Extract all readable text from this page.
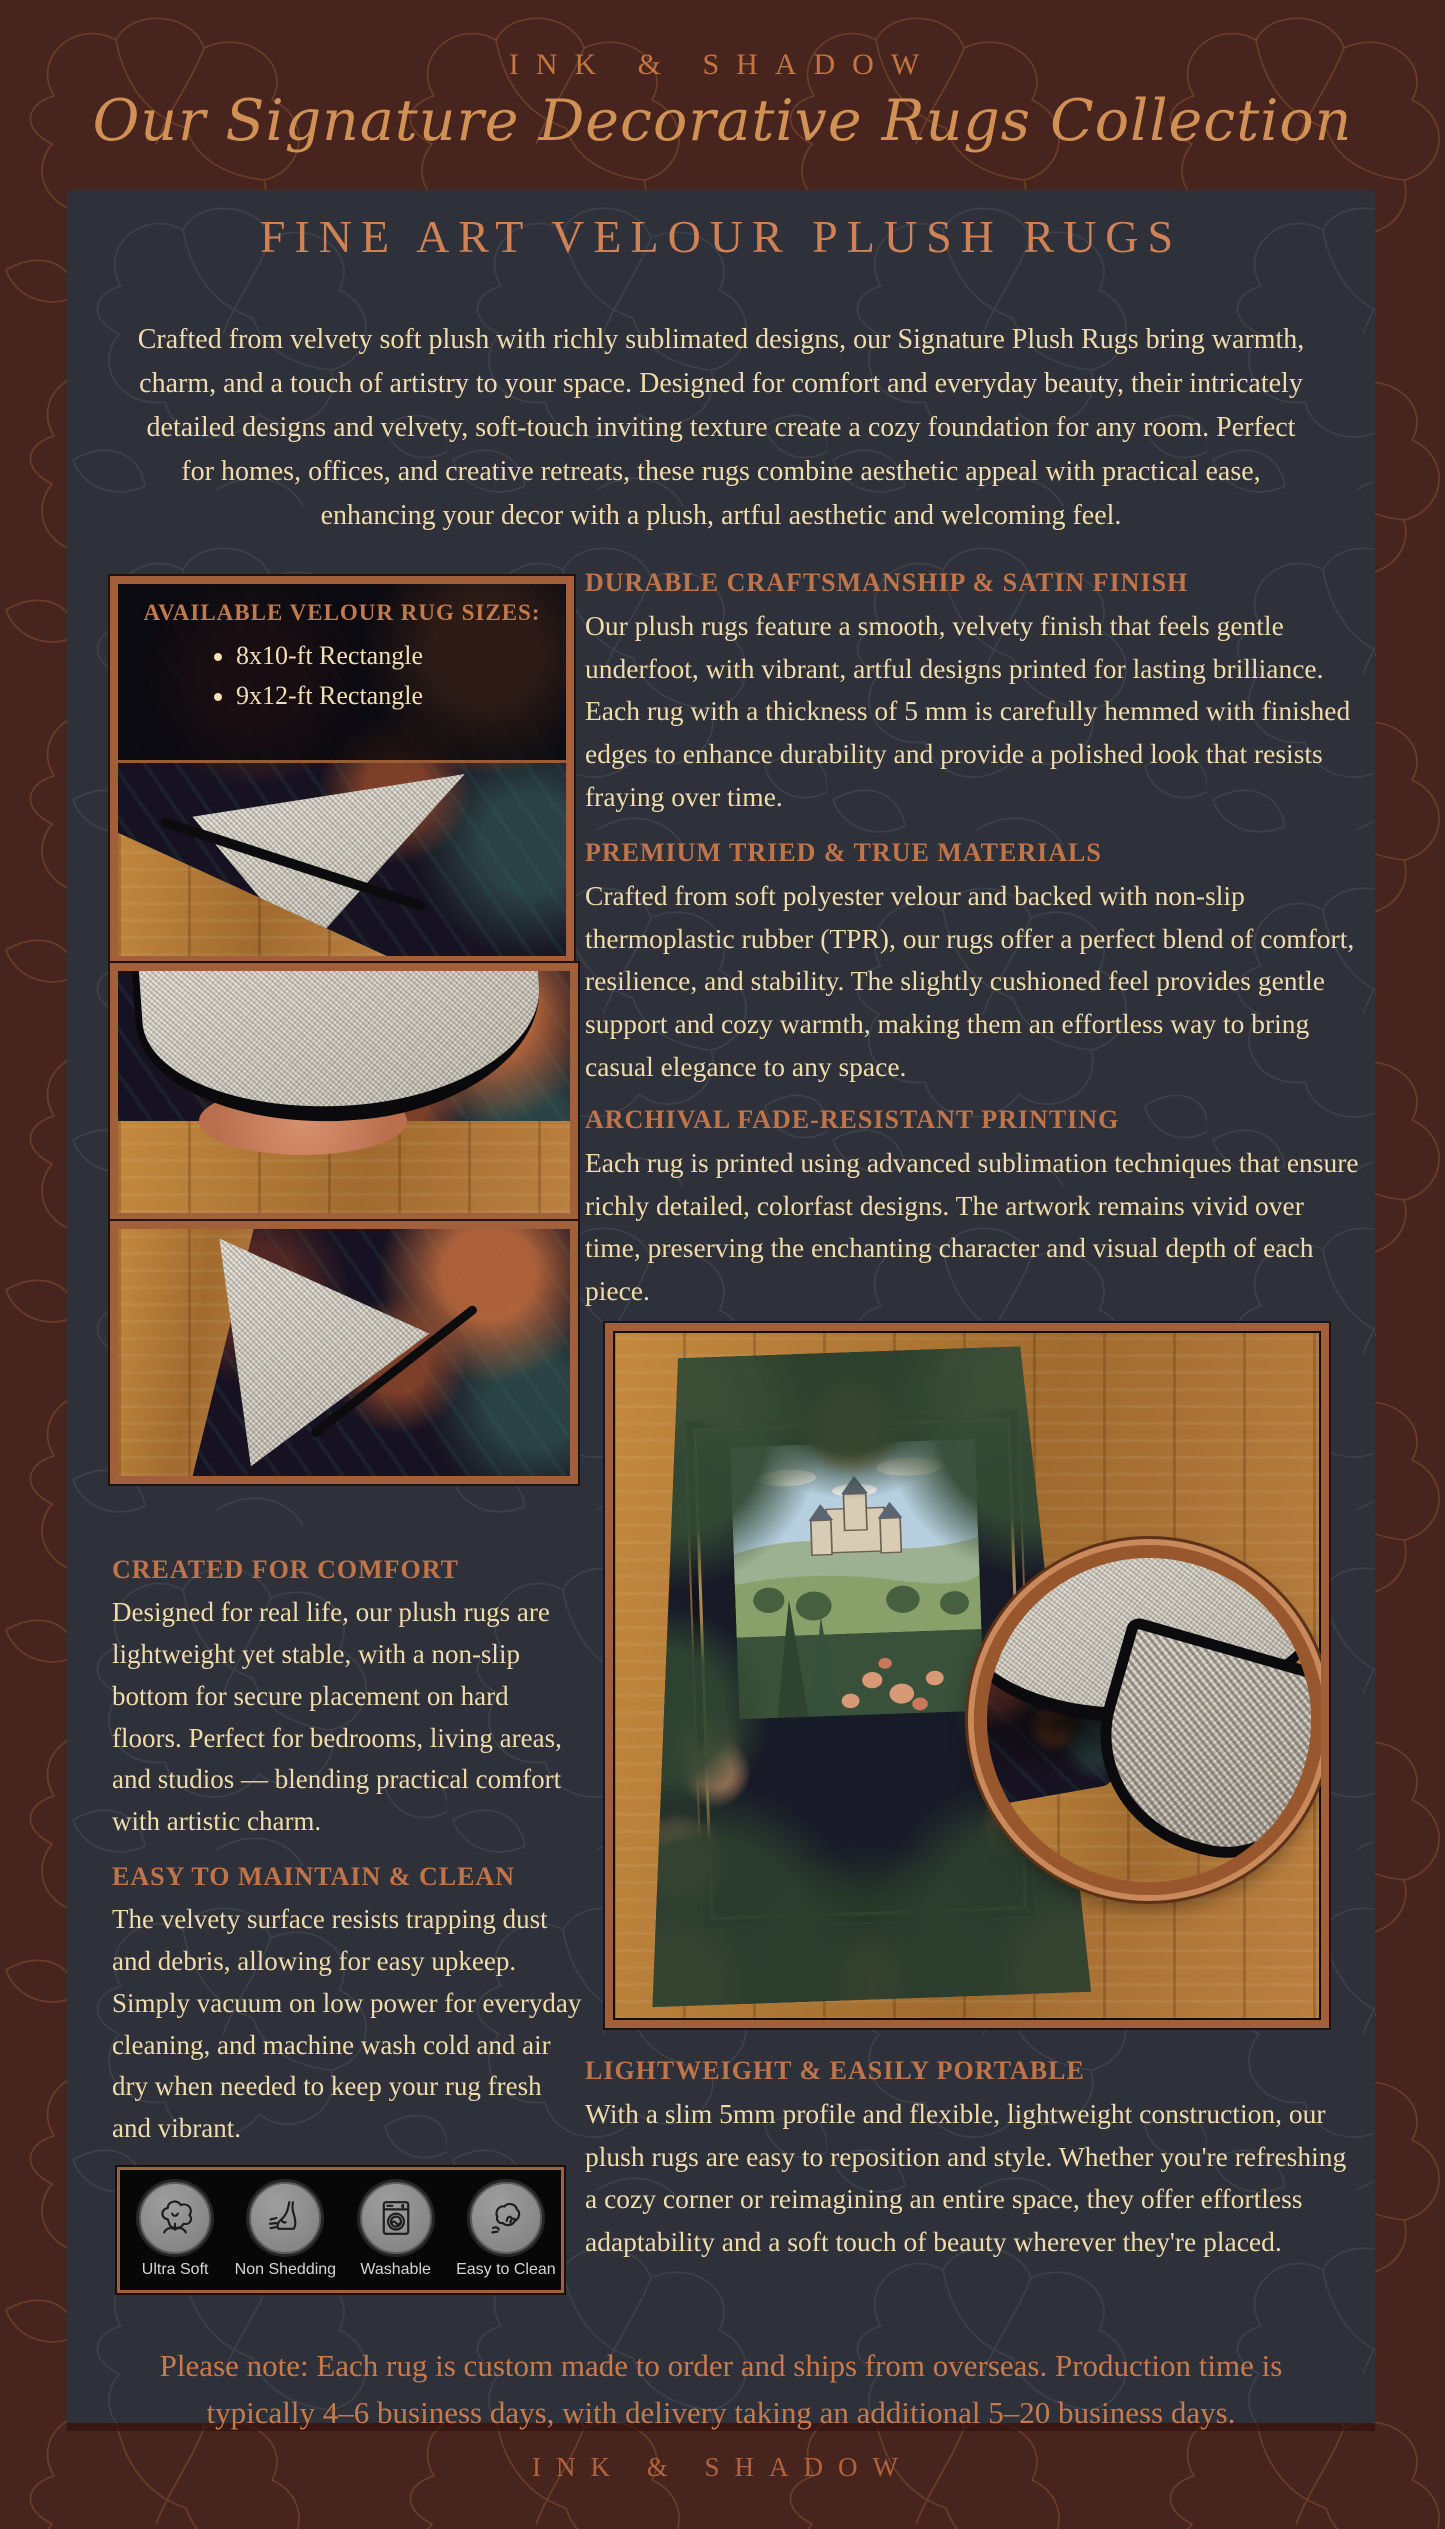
INK & SHADOW
Our Signature Decorative Rugs Collection
FINE ART VELOUR PLUSH RUGS

Crafted from velvety soft plush with richly sublimated designs, our Signature Plush Rugs bring warmth, charm, and a touch of artistry to your space. Designed for comfort and everyday beauty, their intricately detailed designs and velvety, soft-touch inviting texture create a cozy foundation for any room. Perfect for homes, offices, and creative retreats, these rugs combine aesthetic appeal with practical ease, enhancing your decor with a plush, artful aesthetic and welcoming feel.

AVAILABLE VELOUR RUG SIZES:
• 8x10-ft Rectangle
• 9x12-ft Rectangle
CREATED FOR COMFORT

Designed for real life, our plush rugs are lightweight yet stable, with a non-slip bottom for secure placement on hard floors. Perfect for bedrooms, living areas, and studios — blending practical comfort with artistic charm.

EASY TO MAINTAIN & CLEAN

The velvety surface resists trapping dust and debris, allowing for easy upkeep. Simply vacuum on low power for everyday cleaning, and machine wash cold and air dry when needed to keep your rug fresh and vibrant.

Ultra Soft Non Shedding Washable Easy to Clean
DURABLE CRAFTSMANSHIP & SATIN FINISH

Our plush rugs feature a smooth, velvety finish that feels gentle underfoot, with vibrant, artful designs printed for lasting brilliance. Each rug with a thickness of 5 mm is carefully hemmed with finished edges to enhance durability and provide a polished look that resists fraying over time.

PREMIUM TRIED & TRUE MATERIALS

Crafted from soft polyester velour and backed with non-slip thermoplastic rubber (TPR), our rugs offer a perfect blend of comfort, resilience, and stability. The slightly cushioned feel provides gentle support and cozy warmth, making them an effortless way to bring casual elegance to any space.

ARCHIVAL FADE-RESISTANT PRINTING

Each rug is printed using advanced sublimation techniques that ensure richly detailed, colorfast designs. The artwork remains vivid over time, preserving the enchanting character and visual depth of each piece.

LIGHTWEIGHT & EASILY PORTABLE

With a slim 5mm profile and flexible, lightweight construction, our plush rugs are easy to reposition and style. Whether you're refreshing a cozy corner or reimagining an entire space, they offer effortless adaptability and a soft touch of beauty wherever they're placed.

Please note: Each rug is custom made to order and ships from overseas. Production time is typically 4–6 business days, with delivery taking an additional 5–20 business days.

INK & SHADOW
